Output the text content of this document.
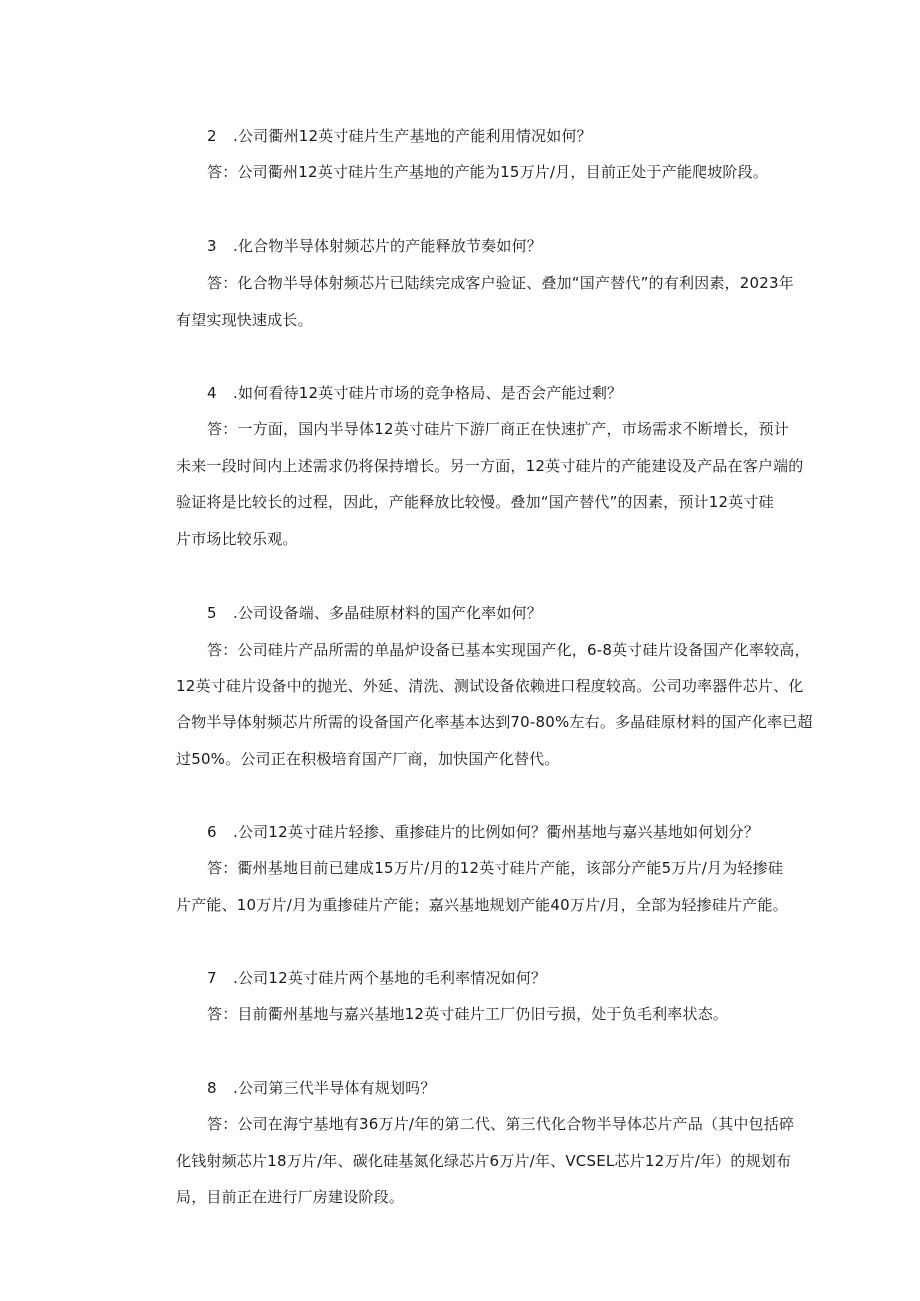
2 .公司衢州12英寸硅片生产基地的产能利用情况如何？
答：公司衢州12英寸硅片生产基地的产能为15万片/月，目前正处于产能爬坡阶段。
3 .化合物半导体射频芯片的产能释放节奏如何？
答：化合物半导体射频芯片已陆续完成客户验证、叠加“国产替代”的有利因素，2023年
有望实现快速成长。
4 .如何看待12英寸硅片市场的竞争格局、是否会产能过剩？
答：一方面，国内半导体12英寸硅片下游厂商正在快速扩产，市场需求不断增长，预计
未来一段时间内上述需求仍将保持增长。另一方面，12英寸硅片的产能建设及产品在客户端的
验证将是比较长的过程，因此，产能释放比较慢。叠加“国产替代”的因素，预计12英寸硅
片市场比较乐观。
5 .公司设备端、多晶硅原材料的国产化率如何？
答：公司硅片产品所需的单晶炉设备已基本实现国产化，6-8英寸硅片设备国产化率较高，
12英寸硅片设备中的抛光、外延、清洗、测试设备依赖进口程度较高。公司功率器件芯片、化
合物半导体射频芯片所需的设备国产化率基本达到70-80%左右。多晶硅原材料的国产化率已超
过50%。公司正在积极培育国产厂商，加快国产化替代。
6 .公司12英寸硅片轻掺、重掺硅片的比例如何？衢州基地与嘉兴基地如何划分？
答：衢州基地目前已建成15万片/月的12英寸硅片产能，该部分产能5万片/月为轻掺硅
片产能、10万片/月为重掺硅片产能；嘉兴基地规划产能40万片/月，全部为轻掺硅片产能。
7 .公司12英寸硅片两个基地的毛利率情况如何？
答：目前衢州基地与嘉兴基地12英寸硅片工厂仍旧亏损，处于负毛利率状态。
8 .公司第三代半导体有规划吗？
答：公司在海宁基地有36万片/年的第二代、第三代化合物半导体芯片产品（其中包括碎
化钱射频芯片18万片/年、碳化硅基氮化绿芯片6万片/年、VCSEL芯片12万片/年）的规划布
局，目前正在进行厂房建设阶段。
